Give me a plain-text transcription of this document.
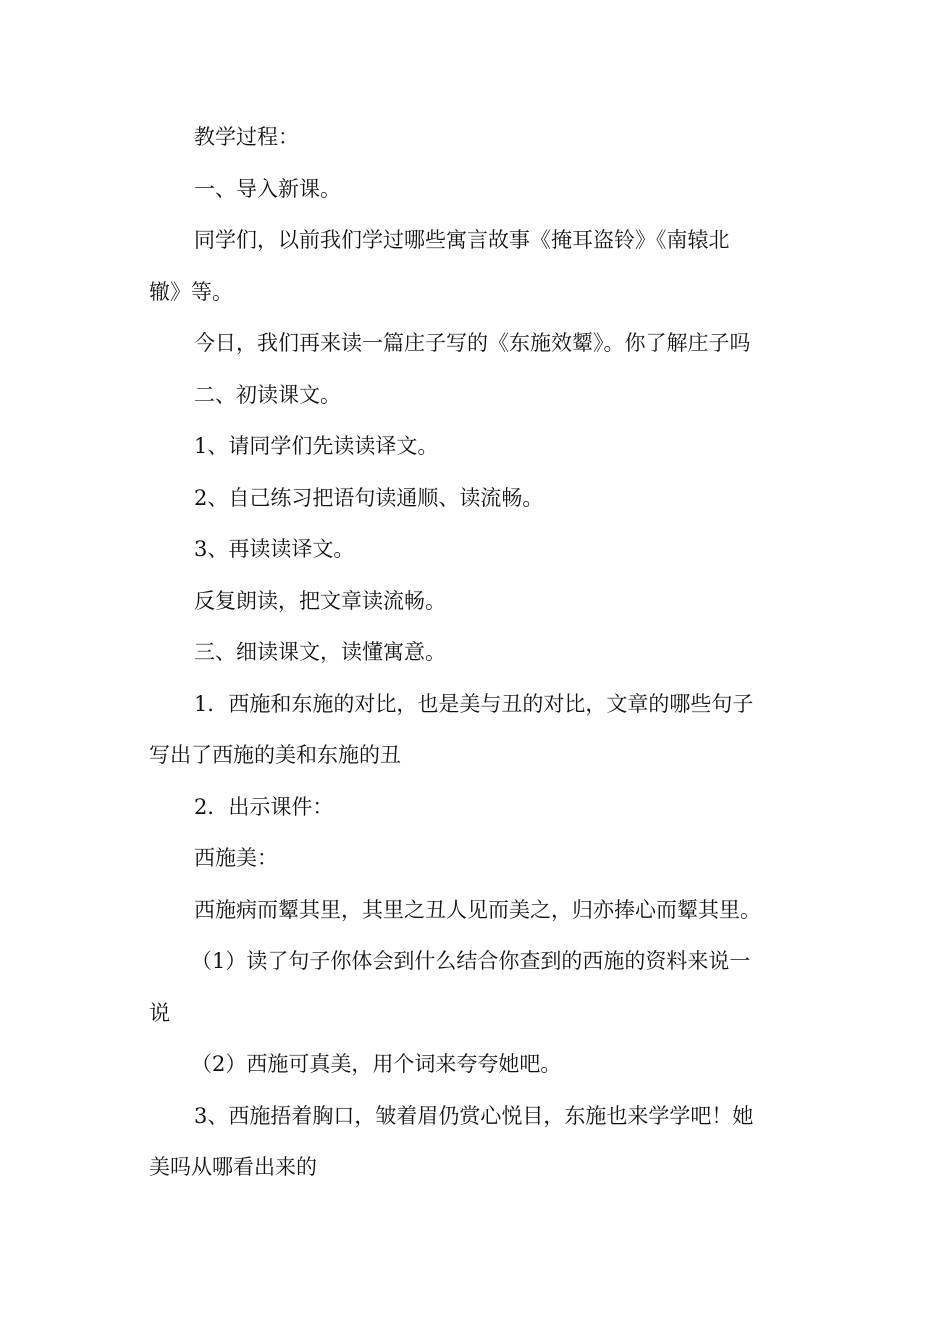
教学过程：

一、导入新课。

同学们，以前我们学过哪些寓言故事《掩耳盗铃》《南辕北

辙》等。

今日，我们再来读一篇庄子写的《东施效颦》。你了解庄子吗

二、初读课文。

1、请同学们先读读译文。

2、自己练习把语句读通顺、读流畅。

3、再读读译文。

反复朗读，把文章读流畅。

三、细读课文，读懂寓意。

1．西施和东施的对比，也是美与丑的对比，文章的哪些句子

写出了西施的美和东施的丑

2．出示课件：

西施美：

西施病而颦其里，其里之丑人见而美之，归亦捧心而颦其里。

（1）读了句子你体会到什么结合你查到的西施的资料来说一

说

（2）西施可真美，用个词来夸夸她吧。

3、西施捂着胸口，皱着眉仍赏心悦目，东施也来学学吧！她

美吗从哪看出来的
